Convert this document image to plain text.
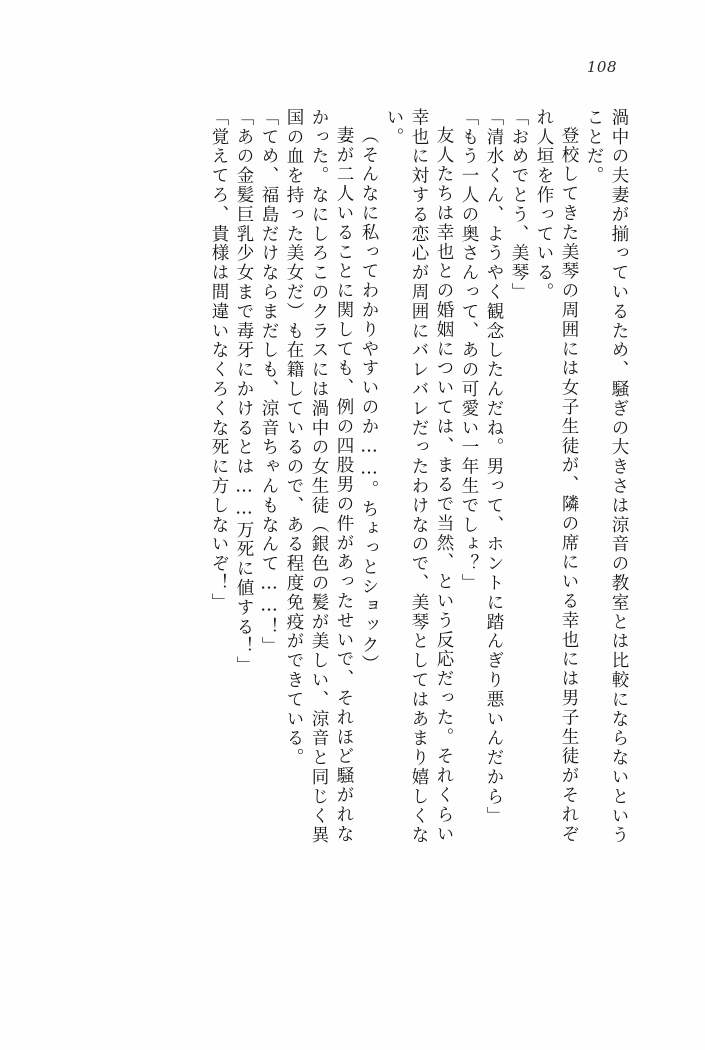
108
渦中の夫妻が揃っているため、騒ぎの大きさは涼音の教室とは比較にならないという
ことだ。
登校してきた美琴の周囲には女子生徒が、隣の席にいる幸也には男子生徒がそれぞ
れ人垣を作っている。
「おめでとう、美琴」
「清水くん、ようやく観念したんだね。男って、ホントに踏んぎり悪いんだから」
「もう一人の奥さんって、あの可愛い一年生でしょ？」
友人たちは幸也との婚姻については、まるで当然、という反応だった。それくらい
幸也に対する恋心が周囲にバレバレだったわけなので、美琴としてはあまり嬉しくな
い。
（そんなに私ってわかりやすいのか……。ちょっとショック）
妻が二人いることに関しても、例の四股男の件があったせいで、それほど騒がれな
かった。なにしろこのクラスには渦中の女生徒（銀色の髪が美しい、涼音と同じく異
国の血を持った美女だ）も在籍しているので、ある程度免疫ができている。
「てめ、福島だけならまだしも、涼音ちゃんもなんて……！」
「あの金髪巨乳少女まで毒牙にかけるとは……万死に値する！」
「覚えてろ、貴様は間違いなくろくな死に方しないぞ！」
